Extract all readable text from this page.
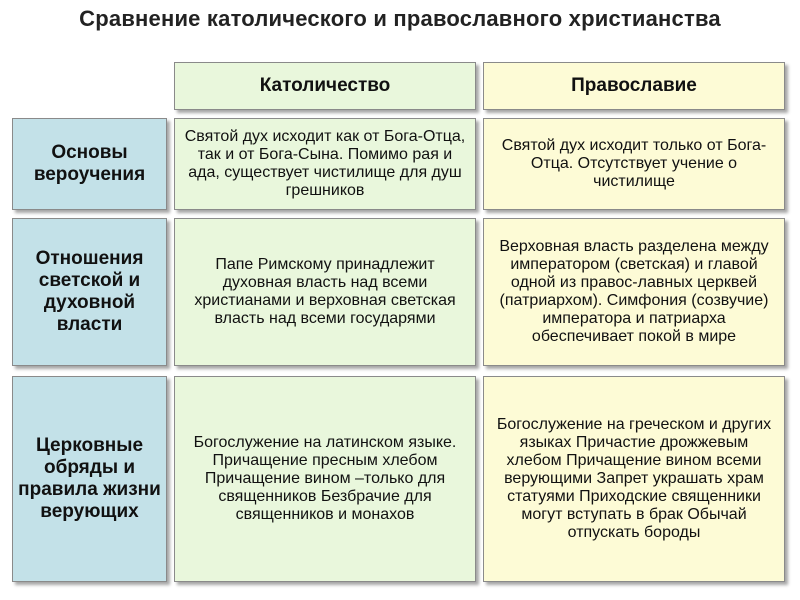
Сравнение католического и православного христианства
Католичество	Православие
Основы вероучения
Святой дух исходит как от Бога-Отца, так и от Бога-Сына. Помимо рая и ада, существует чистилище для душ грешников
Святой дух исходит только от Бога-Отца. Отсутствует учение о чистилище
Отношения светской и духовной власти
Папе Римскому принадлежит духовная власть над всеми христианами и верховная светская власть над всеми государями
Верховная власть разделена между императором (светская) и главой одной из правос-лавных церквей (патриархом). Симфония (созвучие) императора и патриарха обеспечивает покой в мире
Церковные обряды и правила жизни верующих
Богослужение на латинском языке. Причащение пресным хлебом Причащение вином –только для священников Безбрачие для священников и монахов
Богослужение на греческом и других языках Причастие дрожжевым хлебом Причащение вином всеми верующими Запрет украшать храм статуями Приходские священники могут вступать в брак Обычай отпускать бороды
